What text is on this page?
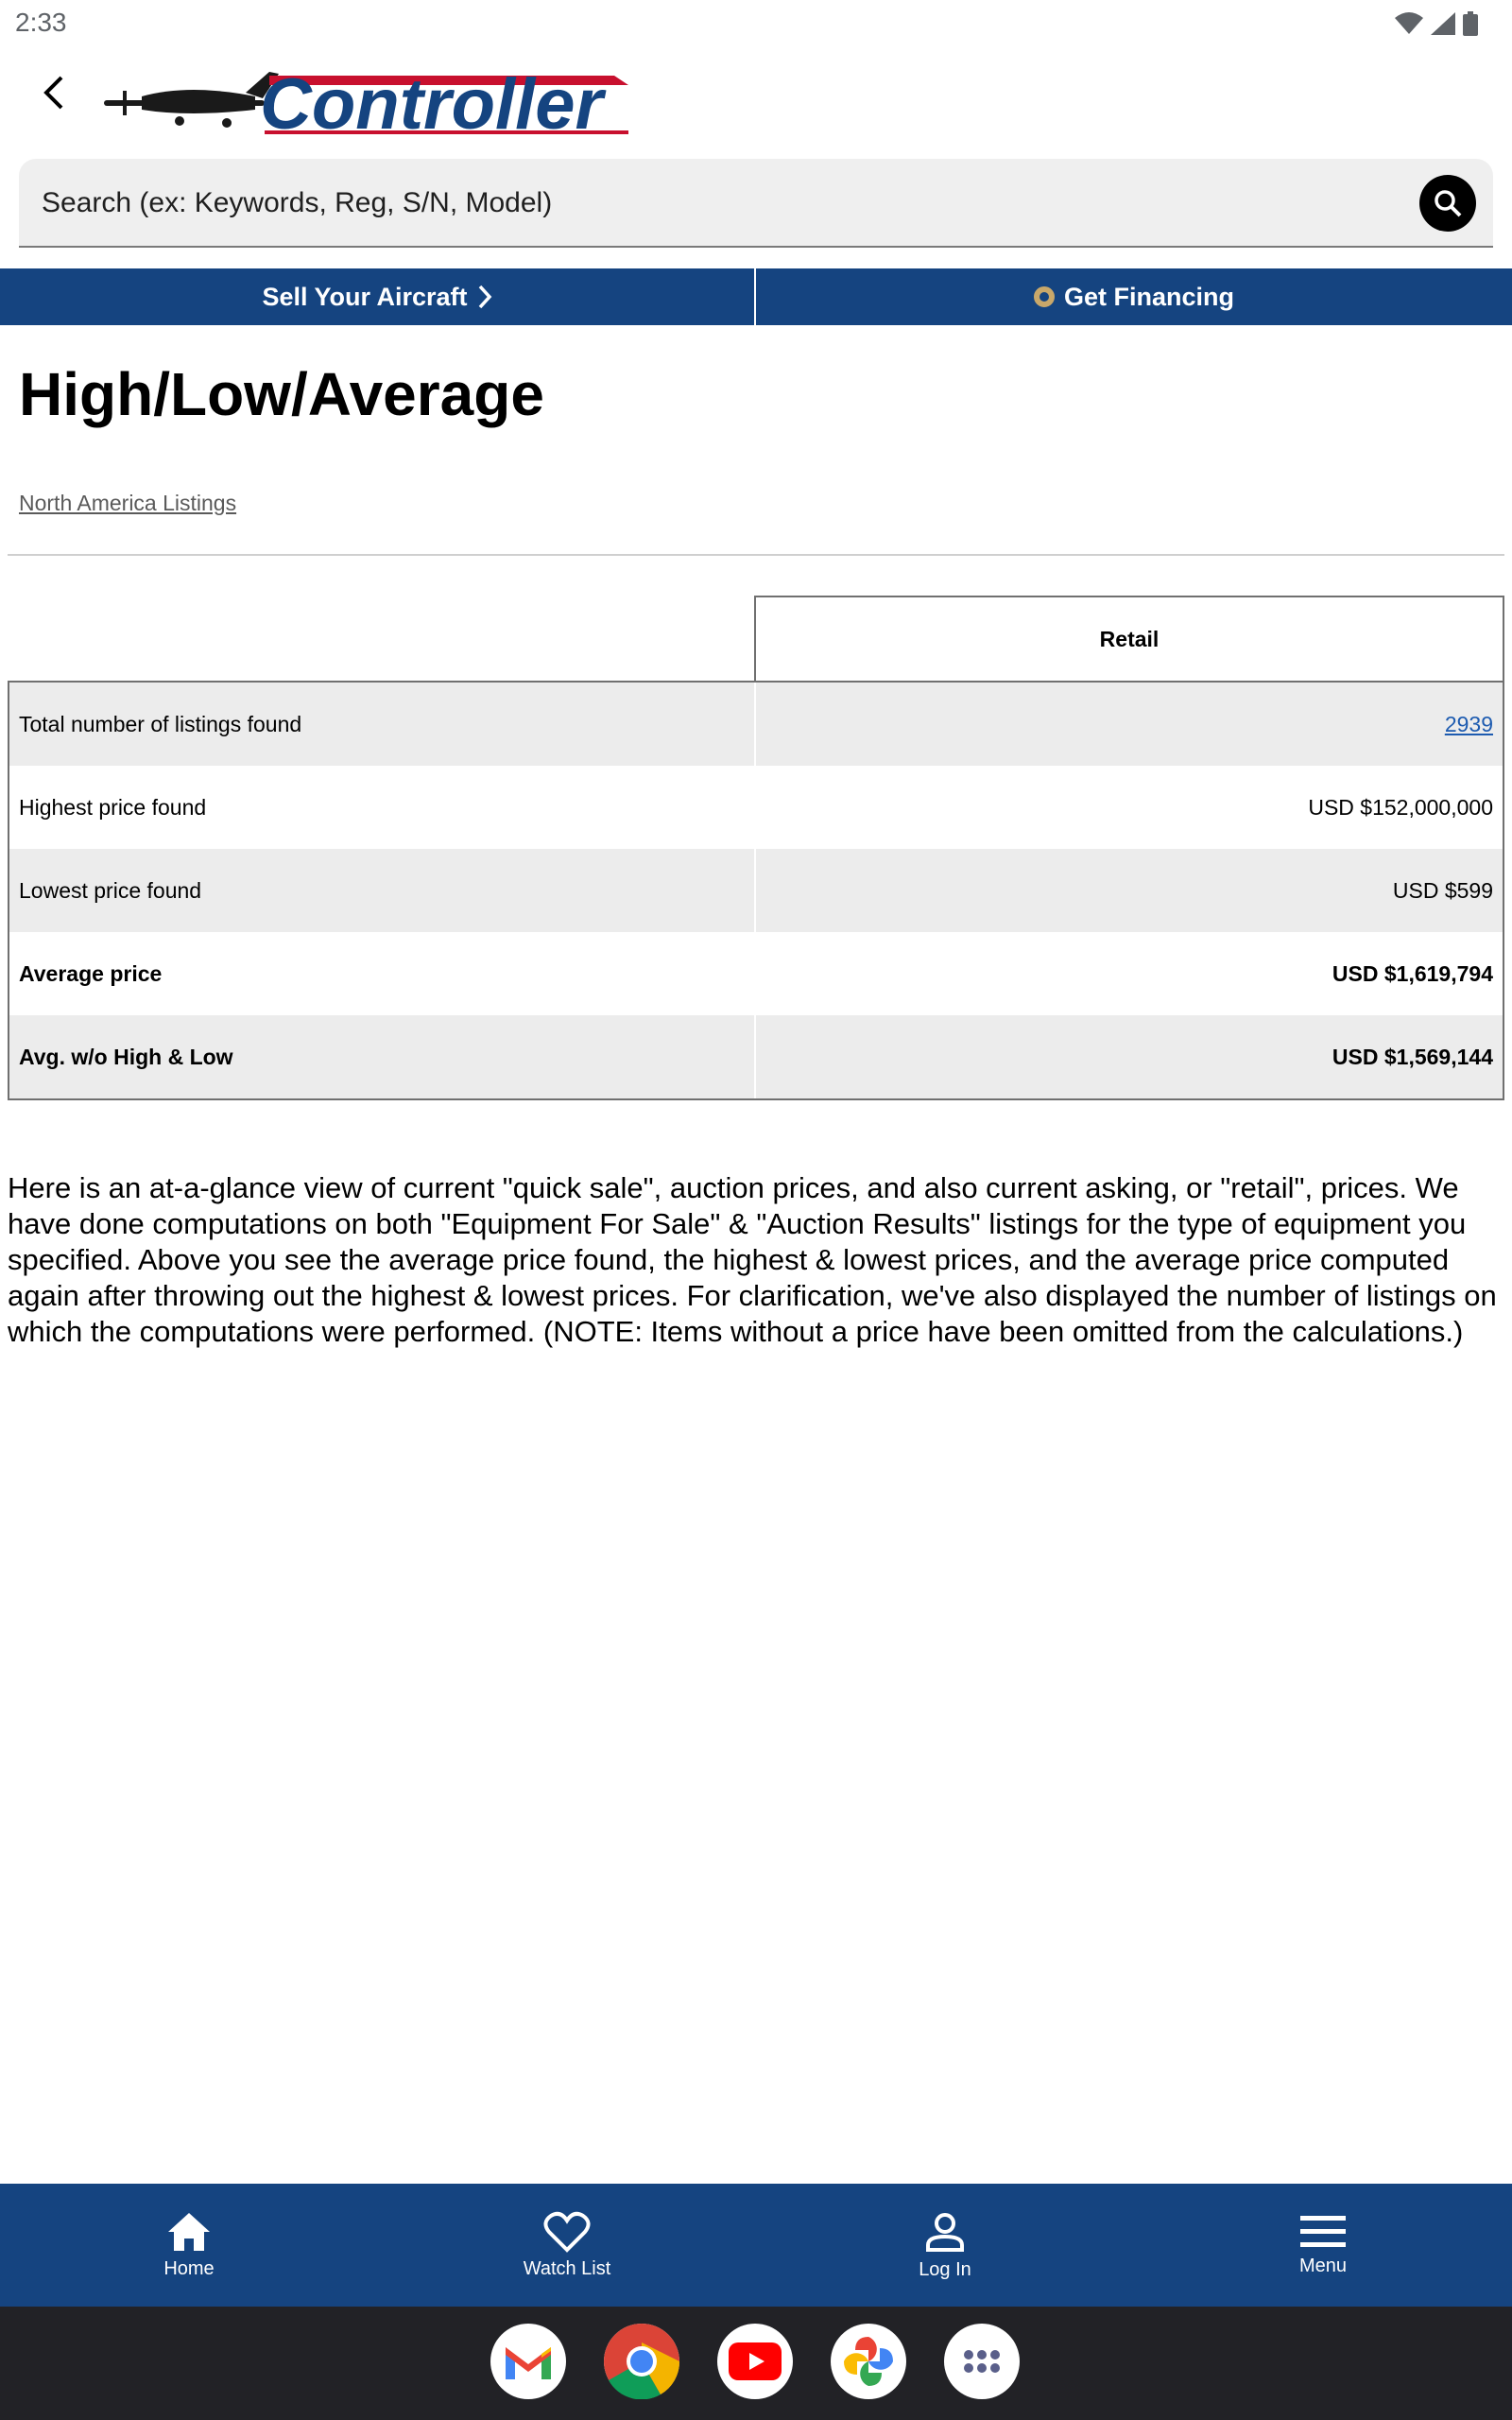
2:33
Controller
Search (ex: Keywords, Reg, S/N, Model)
Sell Your Aircraft	Get Financing
High/Low/Average
North America Listings
Retail
Total number of listings found	2939
Highest price found	USD $152,000,000
Lowest price found	USD $599
Average price	USD $1,619,794
Avg. w/o High & Low	USD $1,569,144

Here is an at-a-glance view of current "quick sale", auction prices, and also current asking, or "retail", prices. We have done computations on both "Equipment For Sale" & "Auction Results" listings for the type of equipment you specified. Above you see the average price found, the highest & lowest prices, and the average price computed again after throwing out the highest & lowest prices. For clarification, we've also displayed the number of listings on which the computations were performed. (NOTE: Items without a price have been omitted from the calculations.)

Home	Watch List	Log In	Menu
